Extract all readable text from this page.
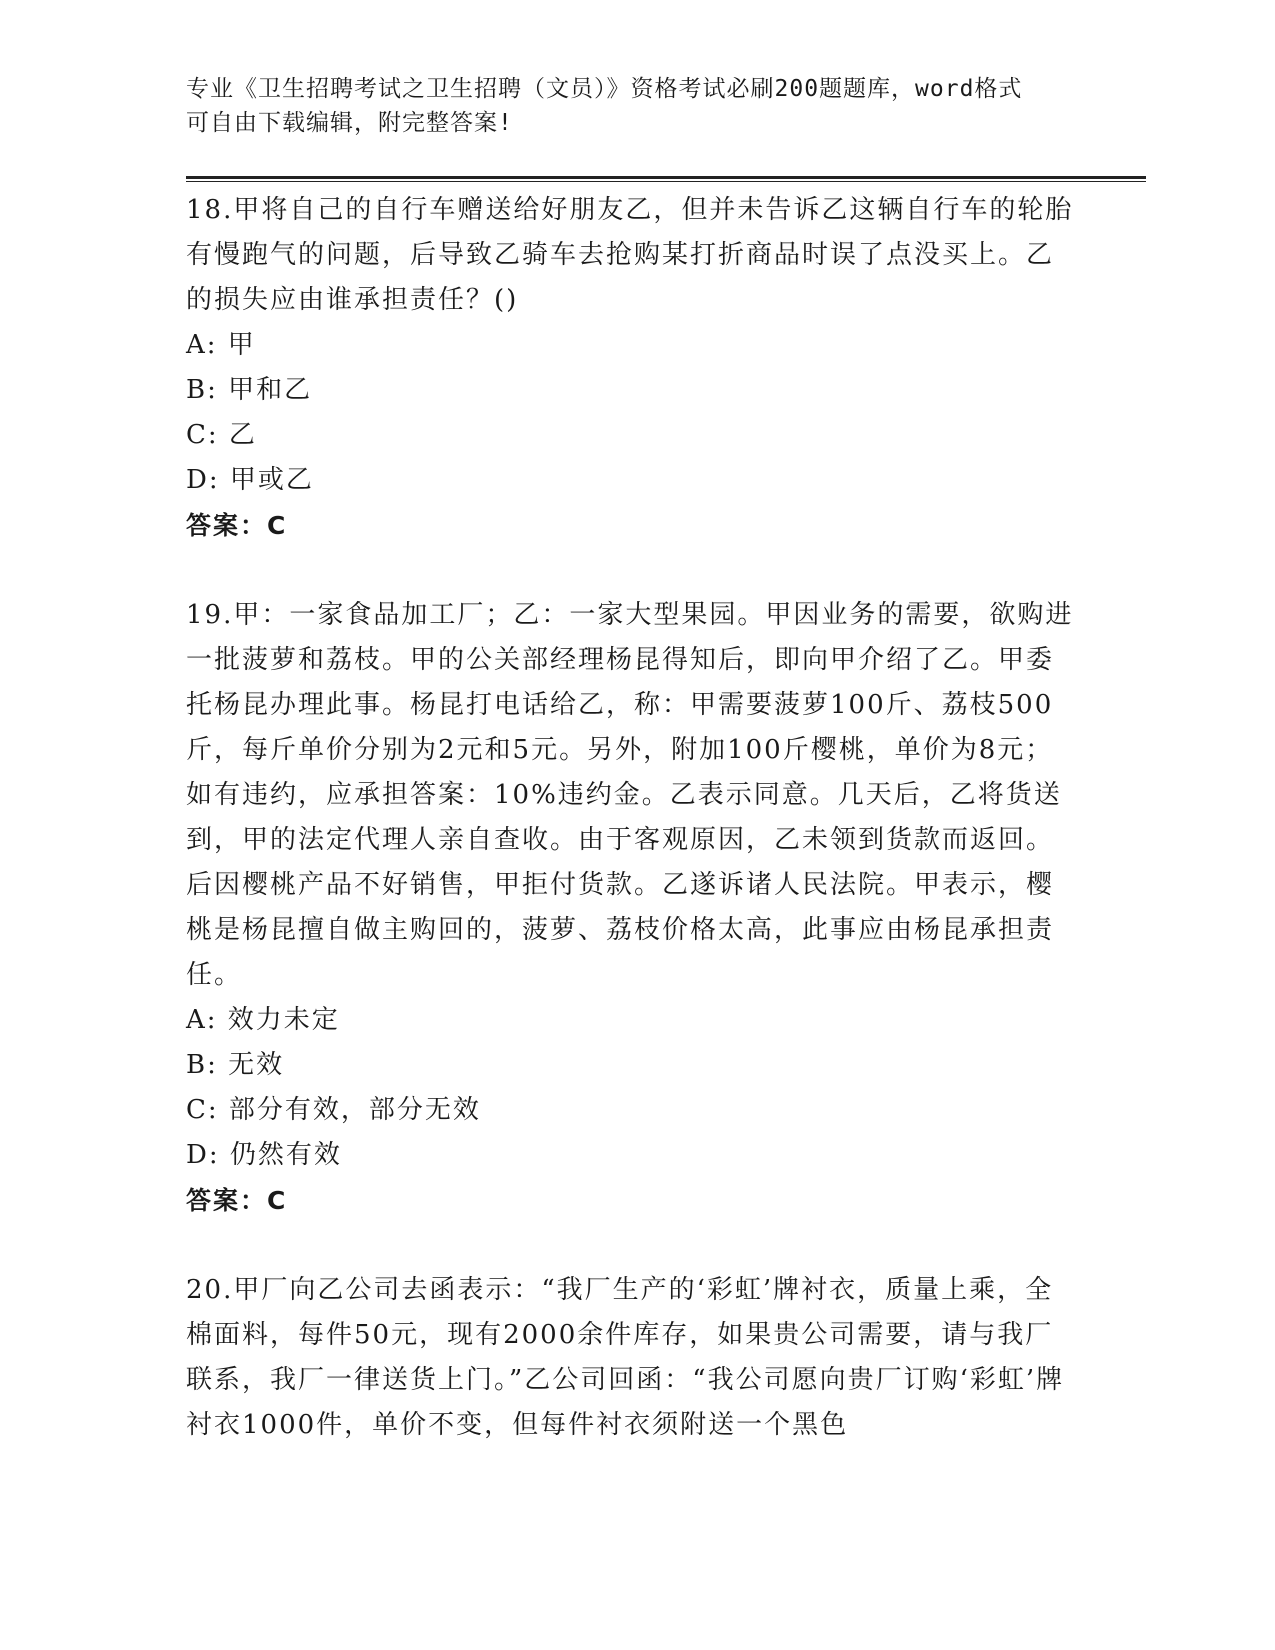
专业《卫生招聘考试之卫生招聘（文员）》资格考试必刷200题题库，word格式
可自由下载编辑，附完整答案!

18.甲将自己的自行车赠送给好朋友乙，但并未告诉乙这辆自行车的轮胎有慢跑气的问题，后导致乙骑车去抢购某打折商品时误了点没买上。乙的损失应由谁承担责任？()

A: 甲

B: 甲和乙

C: 乙

D: 甲或乙

答案：C

19.甲：一家食品加工厂；乙：一家大型果园。甲因业务的需要，欲购进一批菠萝和荔枝。甲的公关部经理杨昆得知后，即向甲介绍了乙。甲委托杨昆办理此事。杨昆打电话给乙，称：甲需要菠萝100斤、荔枝500斤，每斤单价分别为2元和5元。另外，附加100斤樱桃，单价为8元；如有违约，应承担答案：10%违约金。乙表示同意。几天后，乙将货送到，甲的法定代理人亲自查收。由于客观原因，乙未领到货款而返回。后因樱桃产品不好销售，甲拒付货款。乙遂诉诸人民法院。甲表示，樱桃是杨昆擅自做主购回的，菠萝、荔枝价格太高，此事应由杨昆承担责任。

A: 效力未定

B: 无效

C: 部分有效，部分无效

D: 仍然有效

答案：C

20.甲厂向乙公司去函表示：“我厂生产的‘彩虹’牌衬衣，质量上乘，全棉面料，每件50元，现有2000余件库存，如果贵公司需要，请与我厂联系，我厂一律送货上门。”乙公司回函：“我公司愿向贵厂订购‘彩虹’牌衬衣1000件，单价不变，但每件衬衣须附送一个黑色
